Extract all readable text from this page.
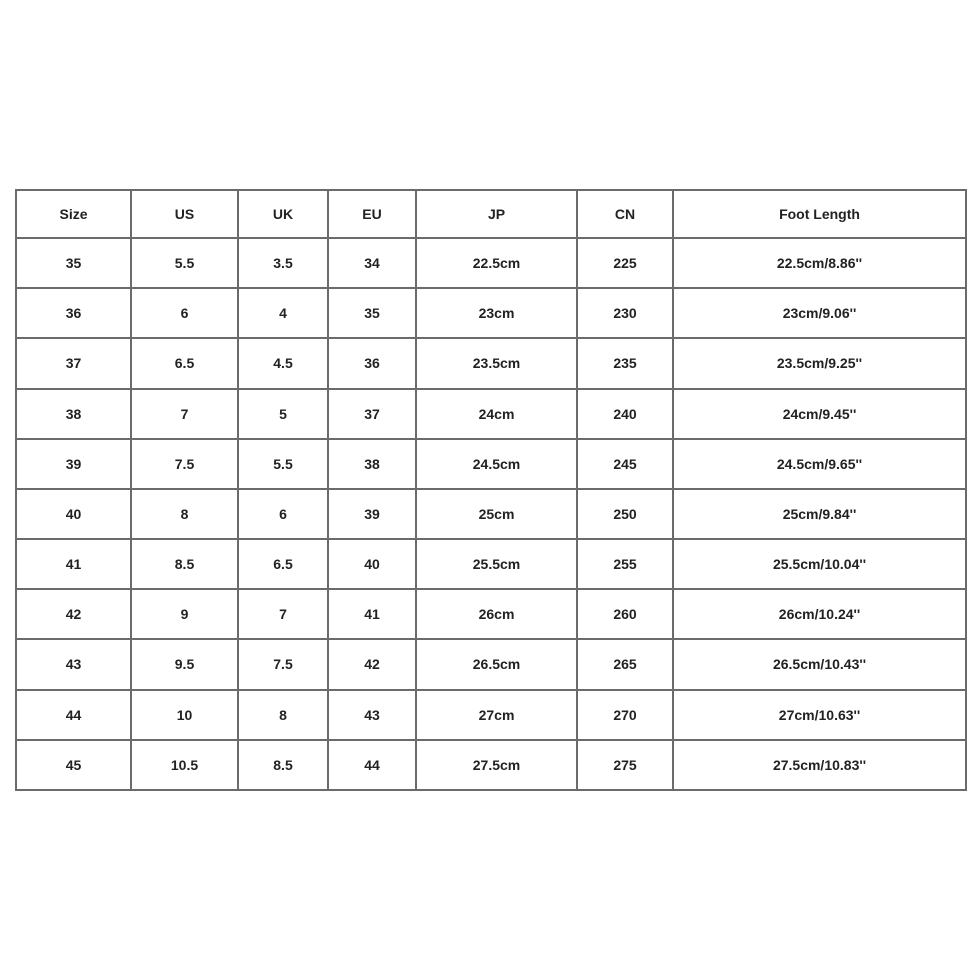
Size	US	UK	EU	JP	CN	Foot Length
35	5.5	3.5	34	22.5cm	225	22.5cm/8.86''
36	6	4	35	23cm	230	23cm/9.06''
37	6.5	4.5	36	23.5cm	235	23.5cm/9.25''
38	7	5	37	24cm	240	24cm/9.45''
39	7.5	5.5	38	24.5cm	245	24.5cm/9.65''
40	8	6	39	25cm	250	25cm/9.84''
41	8.5	6.5	40	25.5cm	255	25.5cm/10.04''
42	9	7	41	26cm	260	26cm/10.24''
43	9.5	7.5	42	26.5cm	265	26.5cm/10.43''
44	10	8	43	27cm	270	27cm/10.63''
45	10.5	8.5	44	27.5cm	275	27.5cm/10.83''
